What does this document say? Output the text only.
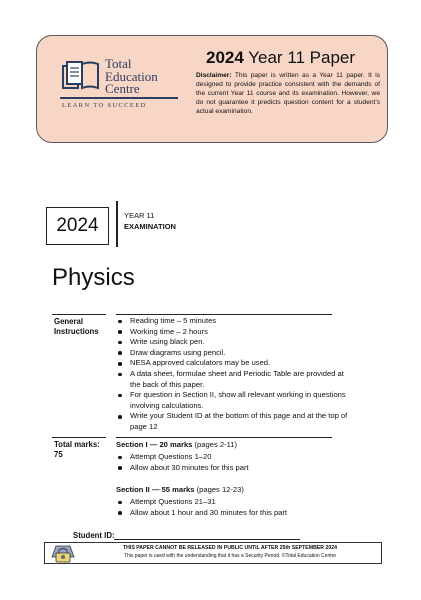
Total
Education
Centre
LEARN TO SUCCEED
2024 Year 11 Paper
Disclaimer: This paper is written as a Year 11 paper. It is designed to provide practice consistent with the demands of the current Year 11 course and its examination. However, we do not guarantee it predicts question content for a student’s actual examination.
2024	YEAR 11
EXAMINATION
Physics
General
Instructions
Reading time – 5 minutes
Working time – 2 hours
Write using black pen.
Draw diagrams using pencil.
NESA approved calculators may be used.
A data sheet, formulae sheet and Periodic Table are provided at the back of this paper.
For question in Section II, show all relevant working in questions involving calculations.
Write your Student ID at the bottom of this page and at the top of page 12
Total marks:
75
Section I — 20 marks (pages 2-11)
Attempt Questions 1–20
Allow about 30 minutes for this part
Section II — 55 marks (pages 12-23)
Attempt Questions 21–31
Allow about 1 hour and 30 minutes for this part
Student ID:
THIS PAPER CANNOT BE RELEASED IN PUBLIC UNTIL AFTER 25th SEPTEMBER 2024
This paper is used with the understanding that it has a Security Period. ©Total Education Centre
